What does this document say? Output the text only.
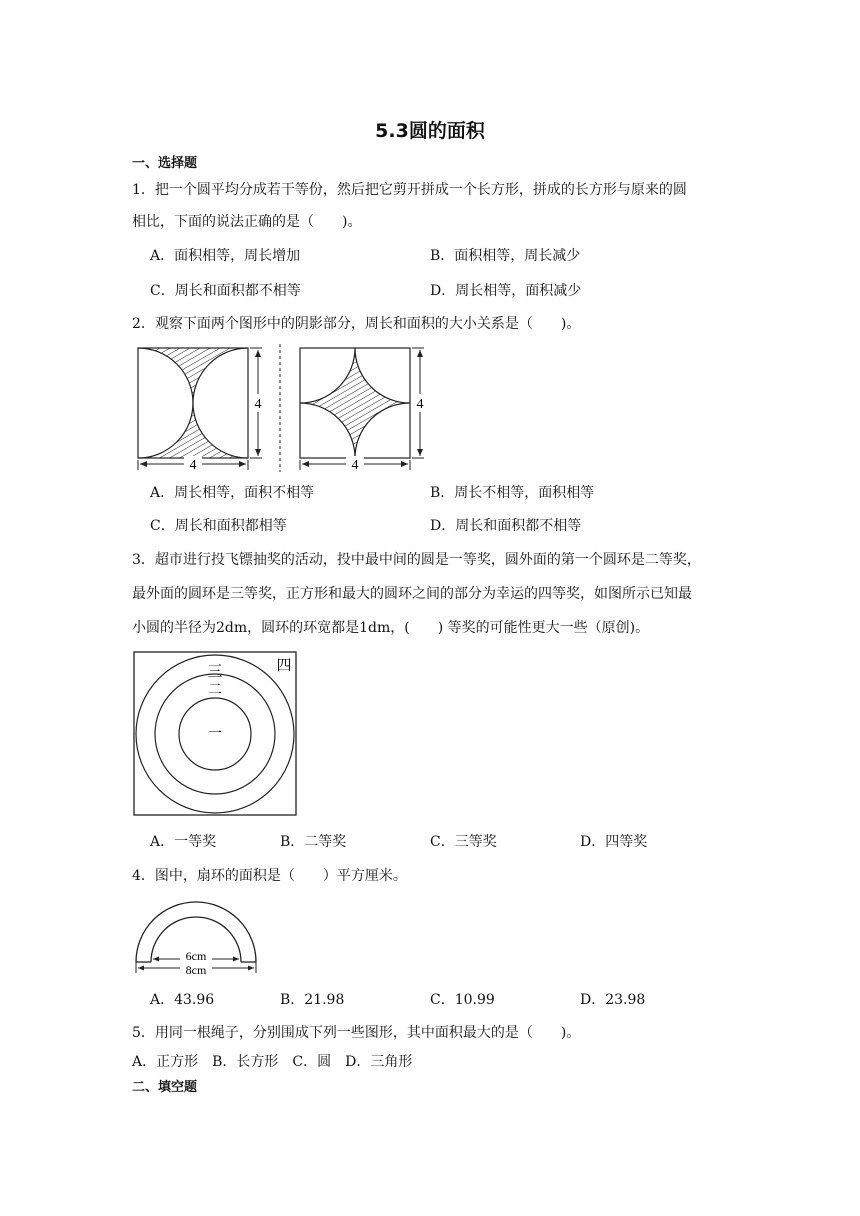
5.3圆的面积
一、选择题
1．把一个圆平均分成若干等份，然后把它剪开拼成一个长方形，拼成的长方形与原来的圆
相比，下面的说法正确的是（　　)。
A．面积相等，周长增加	B．面积相等，周长减少
C．周长和面积都不相等	D．周长相等，面积减少
2．观察下面两个图形中的阴影部分，周长和面积的大小关系是（　　)。
4
4
4
4
A．周长相等，面积不相等	B．周长不相等，面积相等
C．周长和面积都相等	D．周长和面积都不相等
3．超市进行投飞镖抽奖的活动，投中最中间的圆是一等奖，圆外面的第一个圆环是二等奖，
最外面的圆环是三等奖，正方形和最大的圆环之间的部分为幸运的四等奖，如图所示已知最
小圆的半径为2dm，圆环的环宽都是1dm，(　　) 等奖的可能性更大一些（原创)。
一
二
三	四
A．一等奖	B．二等奖	C．三等奖	D．四等奖
4．图中，扇环的面积是（　　）平方厘米。
6cm
8cm
A．43.96	B．21.98	C．10.99	D．23.98
5．用同一根绳子，分别围成下列一些图形，其中面积最大的是（　　)。
A．正方形　B．长方形　C．圆　D．三角形
二、填空题
